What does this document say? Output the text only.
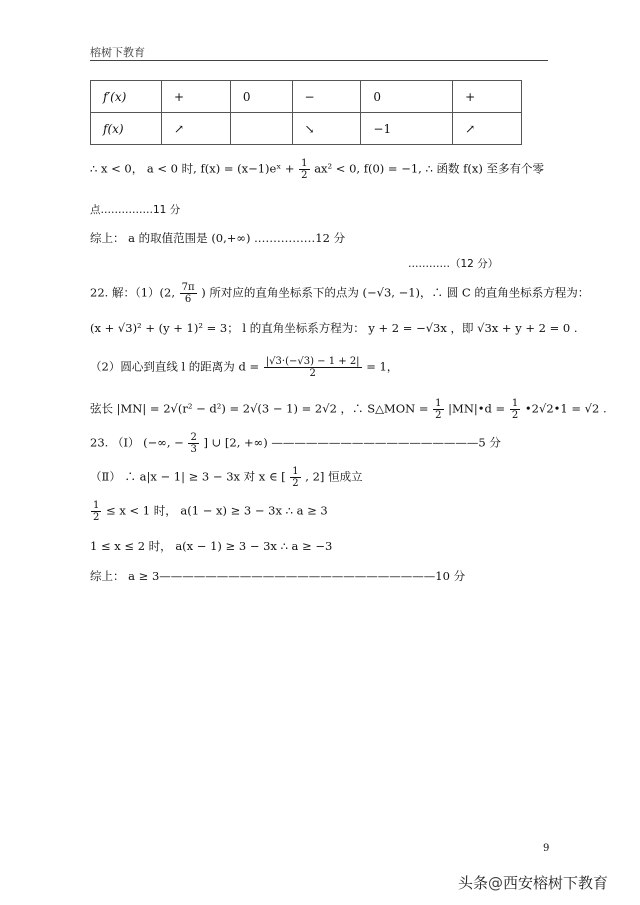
榕树下教育
f′(x)	+	0	−	0	+
f(x)	↗		↘	−1	↗
∴ x < 0， a < 0 时, f(x) = (x−1)eˣ + $\frac{1}{2} ax^2 < 0$, f(0) = −1, ∴ 函数 f(x) 至多有个零
点……………11 分
综上： a 的取值范围是 (0,+∞) .……………12 分
…………（12 分）
22. 解：（1）(2, $\frac{7\pi}{6}$ ) 所对应的直角坐标系下的点为 (−√3, −1)，∴ 圆 C 的直角坐标系方程为：
(x + √3)² + (y + 1)² = 3； l 的直角坐标系方程为： y + 2 = −√3x ，即 √3x + y + 2 = 0 .
（2）圆心到直线 l 的距离为 $d = \frac{|√3\cdot(-√3) - 1 + 2|}{2} = 1$，
弦长 |MN| = 2√(r² − d²) = 2√(3 − 1) = 2√2 ，∴ S△MON = $\frac{1}{2}$ |MN|•d = $\frac{1}{2}$ •2√2•1 = √2 .
23. （Ⅰ） (−∞, − $\frac{2}{3}$ ] ∪ [2, +∞) ——————————————————5 分
（Ⅱ） ∴ a|x − 1| ≥ 3 − 3x 对 x ∈ [ $\frac{1}{2}$ , 2] 恒成立
$\frac{1}{2} \le x < 1$ 时， a(1 − x) ≥ 3 − 3x ∴ a ≥ 3
1 ≤ x ≤ 2 时， a(x − 1) ≥ 3 − 3x ∴ a ≥ −3
综上： a ≥ 3————————————————————————10 分
9
头条@西安榕树下教育
